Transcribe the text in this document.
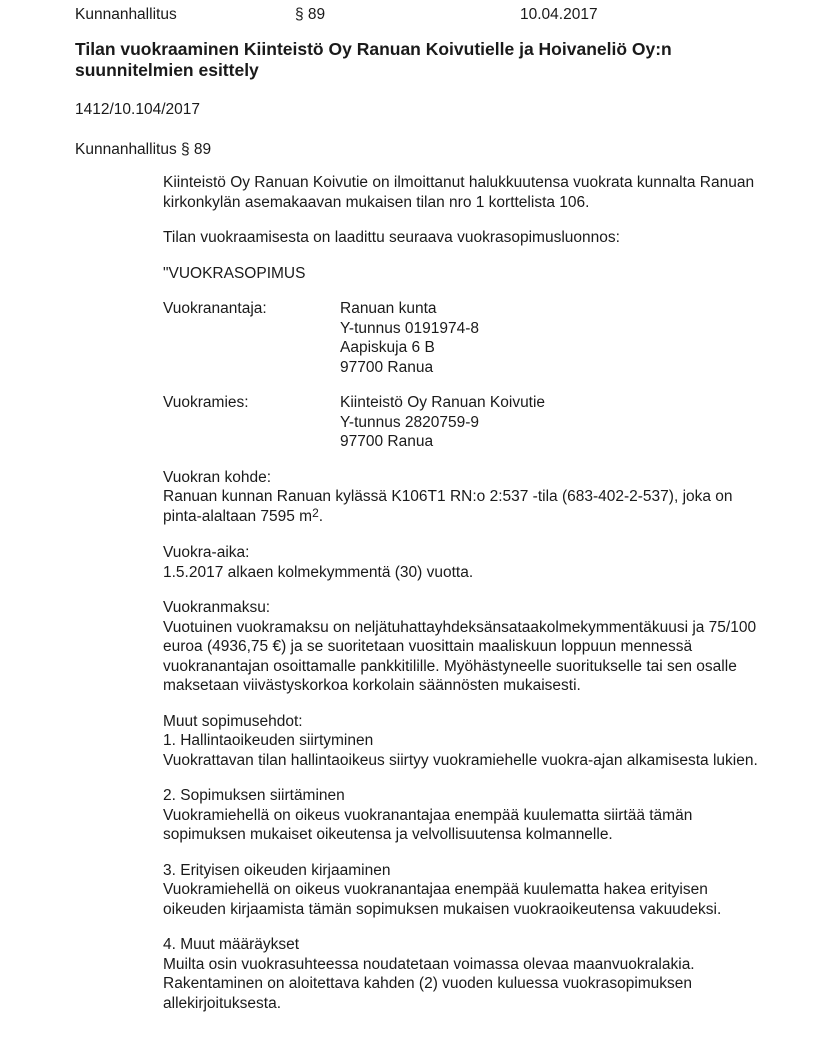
Kunnanhallitus	§ 89	10.04.2017
Tilan vuokraaminen Kiinteistö Oy Ranuan Koivutielle ja Hoivaneliö Oy:n suunnitelmien esittely

1412/10.104/2017

Kunnanhallitus § 89

Kiinteistö Oy Ranuan Koivutie on ilmoittanut halukkuutensa vuokrata kunnalta Ranuan kirkonkylän asemakaavan mukaisen tilan nro 1 korttelista 106.

Tilan vuokraamisesta on laadittu seuraava vuokrasopimusluonnos:

"VUOKRASOPIMUS

Vuokranantaja:	Ranuan kunta
Y-tunnus 0191974-8
Aapiskuja 6 B
97700 Ranua
Vuokramies:	Kiinteistö Oy Ranuan Koivutie
Y-tunnus 2820759-9
97700 Ranua

Vuokran kohde:

Ranuan kunnan Ranuan kylässä K106T1 RN:o 2:537 -tila (683-402-2-537), joka on pinta-alaltaan 7595 $m^2$.

Vuokra-aika:

1.5.2017 alkaen kolmekymmentä (30) vuotta.

Vuokranmaksu:

Vuotuinen vuokramaksu on neljätuhattayhdeksänsataakolmekymmentäkuusi ja 75/100 euroa (4936,75 €) ja se suoritetaan vuosittain maaliskuun loppuun mennessä vuokranantajan osoittamalle pankkitilille. Myöhästyneelle suoritukselle tai sen osalle maksetaan viivästyskorkoa korkolain säännösten mukaisesti.

Muut sopimusehdot:

1. Hallintaoikeuden siirtyminen

Vuokrattavan tilan hallintaoikeus siirtyy vuokramiehelle vuokra-ajan alkamisesta lukien.

2. Sopimuksen siirtäminen

Vuokramiehellä on oikeus vuokranantajaa enempää kuulematta siirtää tämän sopimuksen mukaiset oikeutensa ja velvollisuutensa kolmannelle.

3. Erityisen oikeuden kirjaaminen

Vuokramiehellä on oikeus vuokranantajaa enempää kuulematta hakea erityisen oikeuden kirjaamista tämän sopimuksen mukaisen vuokraoikeutensa vakuudeksi.

4. Muut määräykset

Muilta osin vuokrasuhteessa noudatetaan voimassa olevaa maanvuokralakia. Rakentaminen on aloitettava kahden (2) vuoden kuluessa vuokrasopimuksen allekirjoituksesta.
